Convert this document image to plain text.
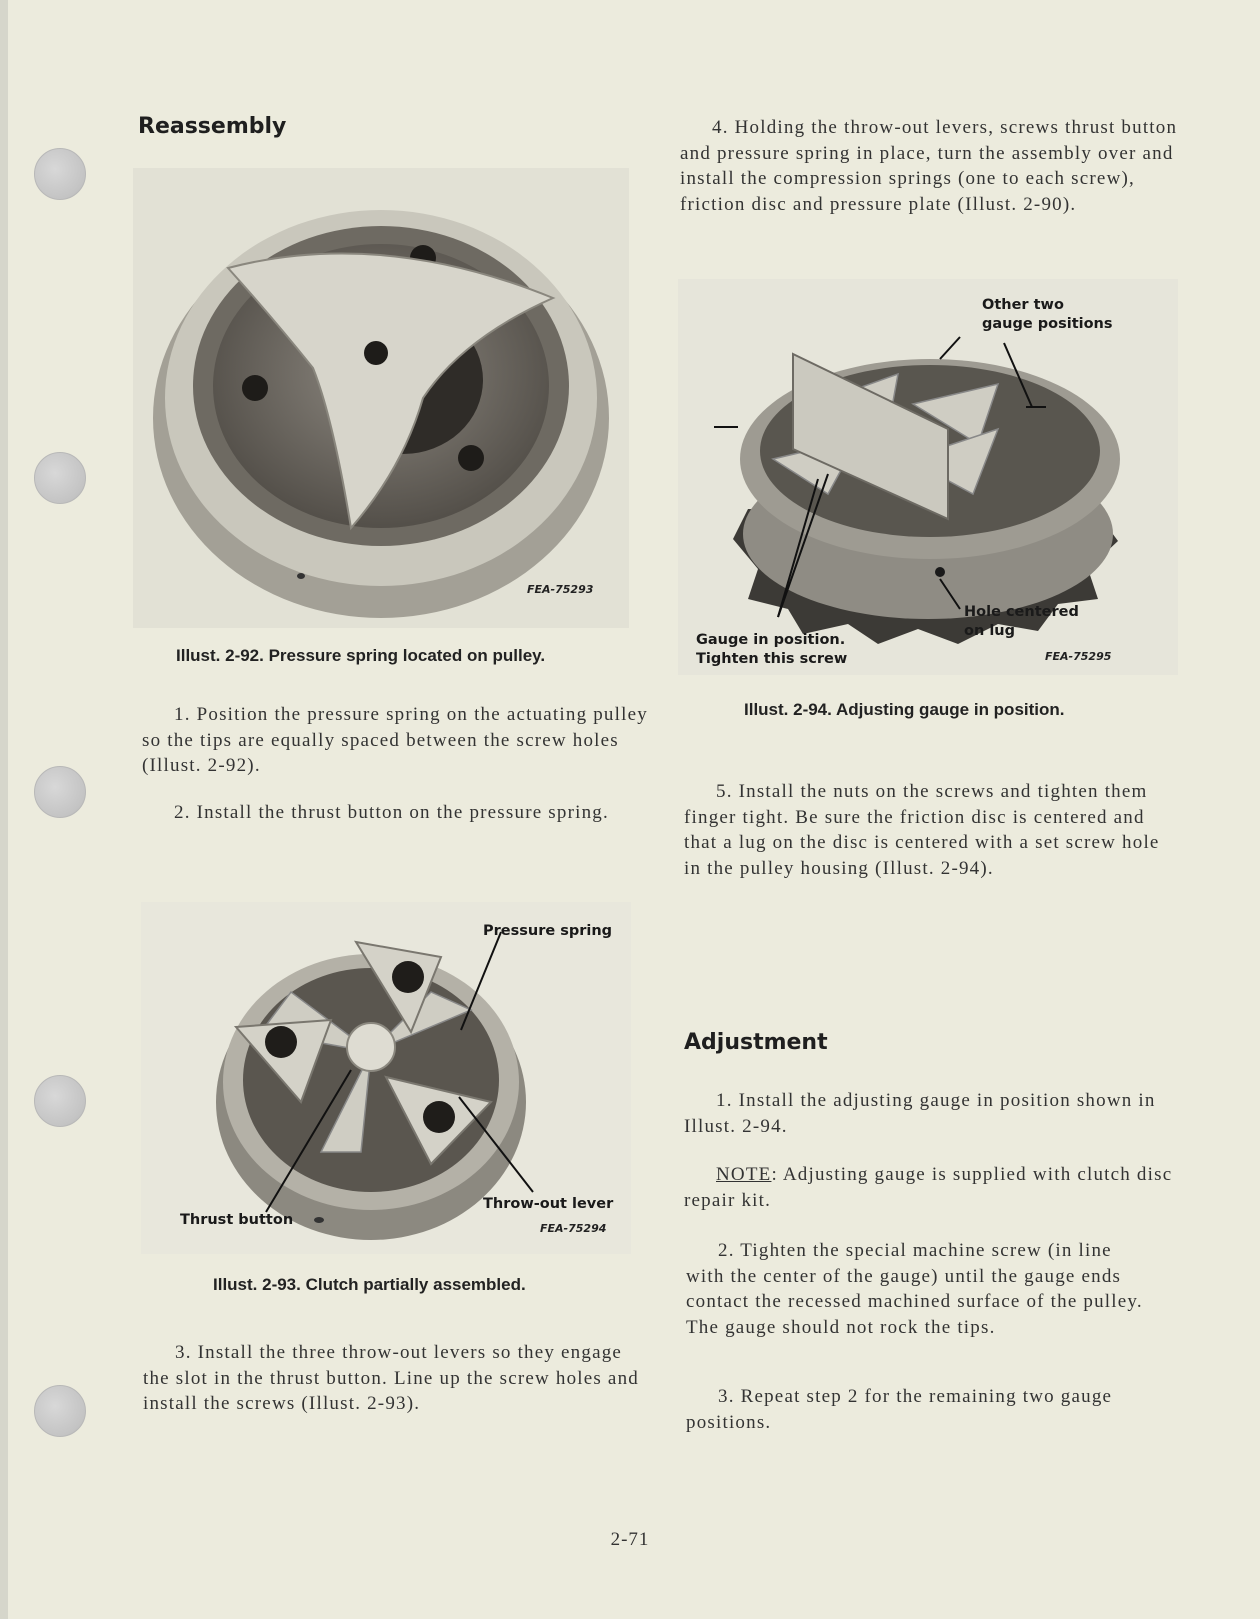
Reassembly
FEA-75293

Illust. 2-92. Pressure spring located on pulley.

1. Position the pressure spring on the actuating pulley so the tips are equally spaced between the screw holes (Illust. 2-92).

2. Install the thrust button on the pressure spring.

Pressure spring

Thrust button

Throw-out lever

FEA-75294

Illust. 2-93. Clutch partially assembled.

3. Install the three throw-out levers so they engage the slot in the thrust button. Line up the screw holes and install the screws (Illust. 2-93).

4. Holding the throw-out levers, screws thrust button and pressure spring in place, turn the assembly over and install the compression springs (one to each screw), friction disc and pressure plate (Illust. 2-90).

Other two
gauge positions

Gauge in position.
Tighten this screw

Hole centered
on lug

FEA-75295

Illust. 2-94. Adjusting gauge in position.

5. Install the nuts on the screws and tighten them finger tight. Be sure the friction disc is centered and that a lug on the disc is centered with a set screw hole in the pulley housing (Illust. 2-94).

Adjustment

1. Install the adjusting gauge in position shown in Illust. 2-94.

NOTE: Adjusting gauge is supplied with clutch disc repair kit.

2. Tighten the special machine screw (in line with the center of the gauge) until the gauge ends contact the recessed machined surface of the pulley. The gauge should not rock the tips.

3. Repeat step 2 for the remaining two gauge positions.

2-71
